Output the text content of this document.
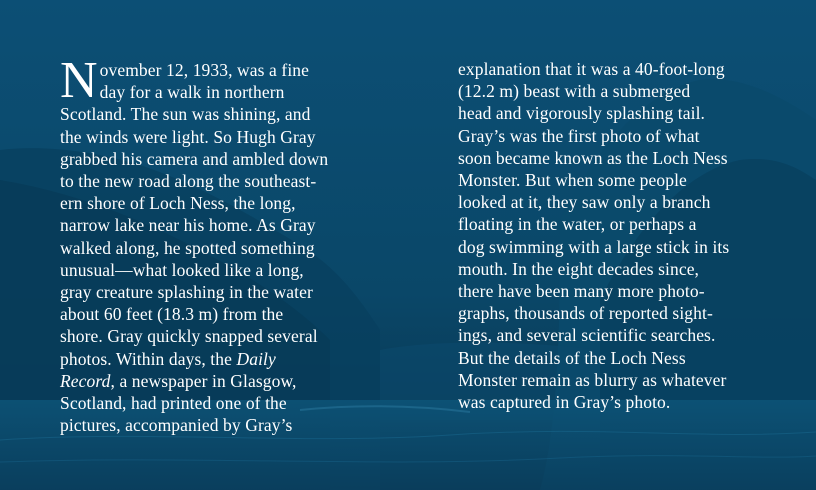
N ovember 12, 1933, was a fine
day for a walk in northern
Scotland. The sun was shining, and
the winds were light. So Hugh Gray
grabbed his camera and ambled down
to the new road along the southeast-
ern shore of Loch Ness, the long,
narrow lake near his home. As Gray
walked along, he spotted something
unusual—what looked like a long,
gray creature splashing in the water
about 60 feet (18.3 m) from the
shore. Gray quickly snapped several
photos. Within days, the Daily
Record, a newspaper in Glasgow,
Scotland, had printed one of the
pictures, accompanied by Gray’s
explanation that it was a 40-foot-long
(12.2 m) beast with a submerged
head and vigorously splashing tail.
Gray’s was the first photo of what
soon became known as the Loch Ness
Monster. But when some people
looked at it, they saw only a branch
floating in the water, or perhaps a
dog swimming with a large stick in its
mouth. In the eight decades since,
there have been many more photo-
graphs, thousands of reported sight-
ings, and several scientific searches.
But the details of the Loch Ness
Monster remain as blurry as whatever
was captured in Gray’s photo.
